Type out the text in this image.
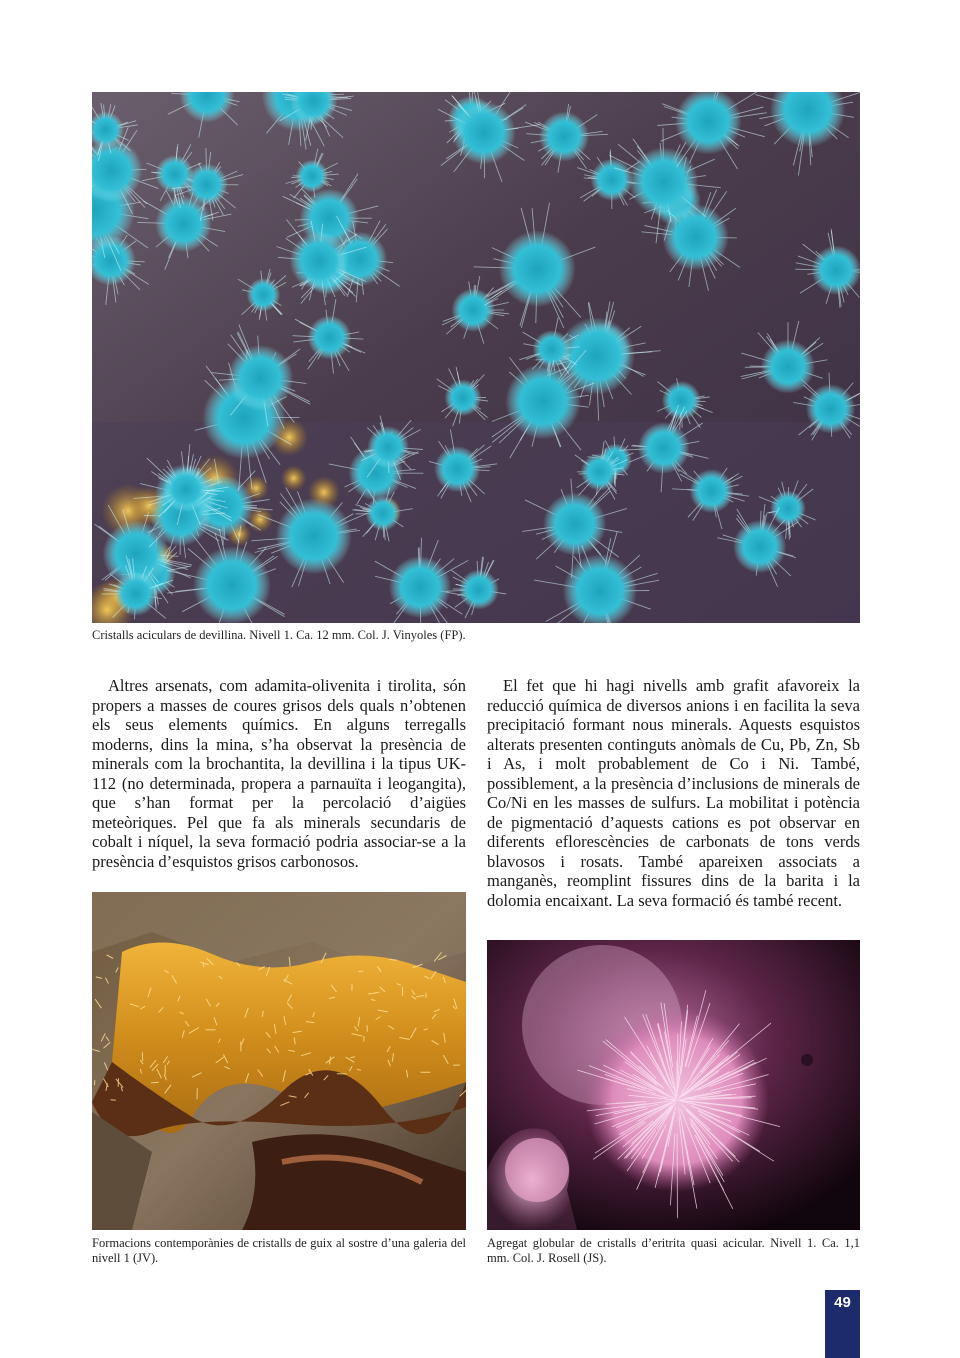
Cristalls aciculars de devillina. Nivell 1. Ca. 12 mm. Col. J. Vinyoles (FP).

Altres arsenats, com adamita-olivenita i tirolita, són propers a masses de coures grisos dels quals n’obtenen els seus elements químics. En alguns terregalls moderns, dins la mina, s’ha observat la presència de minerals com la brochantita, la devillina i la tipus UK-112 (no determinada, propera a parnauïta i leogangita), que s’han format per la percolació d’aigües meteòriques. Pel que fa als minerals secundaris de cobalt i níquel, la seva formació podria associar-se a la presència d’esquistos grisos carbonosos.

El fet que hi hagi nivells amb grafit afavoreix la reducció química de diversos anions i en facilita la seva precipitació formant nous minerals. Aquests esquistos alterats presenten continguts anòmals de Cu, Pb, Zn, Sb i As, i molt probablement de Co i Ni. També, possiblement, a la presència d’inclusions de minerals de Co/Ni en les masses de sulfurs. La mobilitat i potència de pigmentació d’aquests cations es pot observar en diferents eflorescències de carbonats de tons verds blavosos i rosats. També apareixen associats a manganès, reomplint fissures dins de la barita i la dolomia encaixant. La seva formació és també recent.

Formacions contemporànies de cristalls de guix al sostre d’una galeria del nivell 1 (JV).
Agregat globular de cristalls d’eritrita quasi acicular. Nivell 1. Ca. 1,1 mm. Col. J. Rosell (JS).
49
